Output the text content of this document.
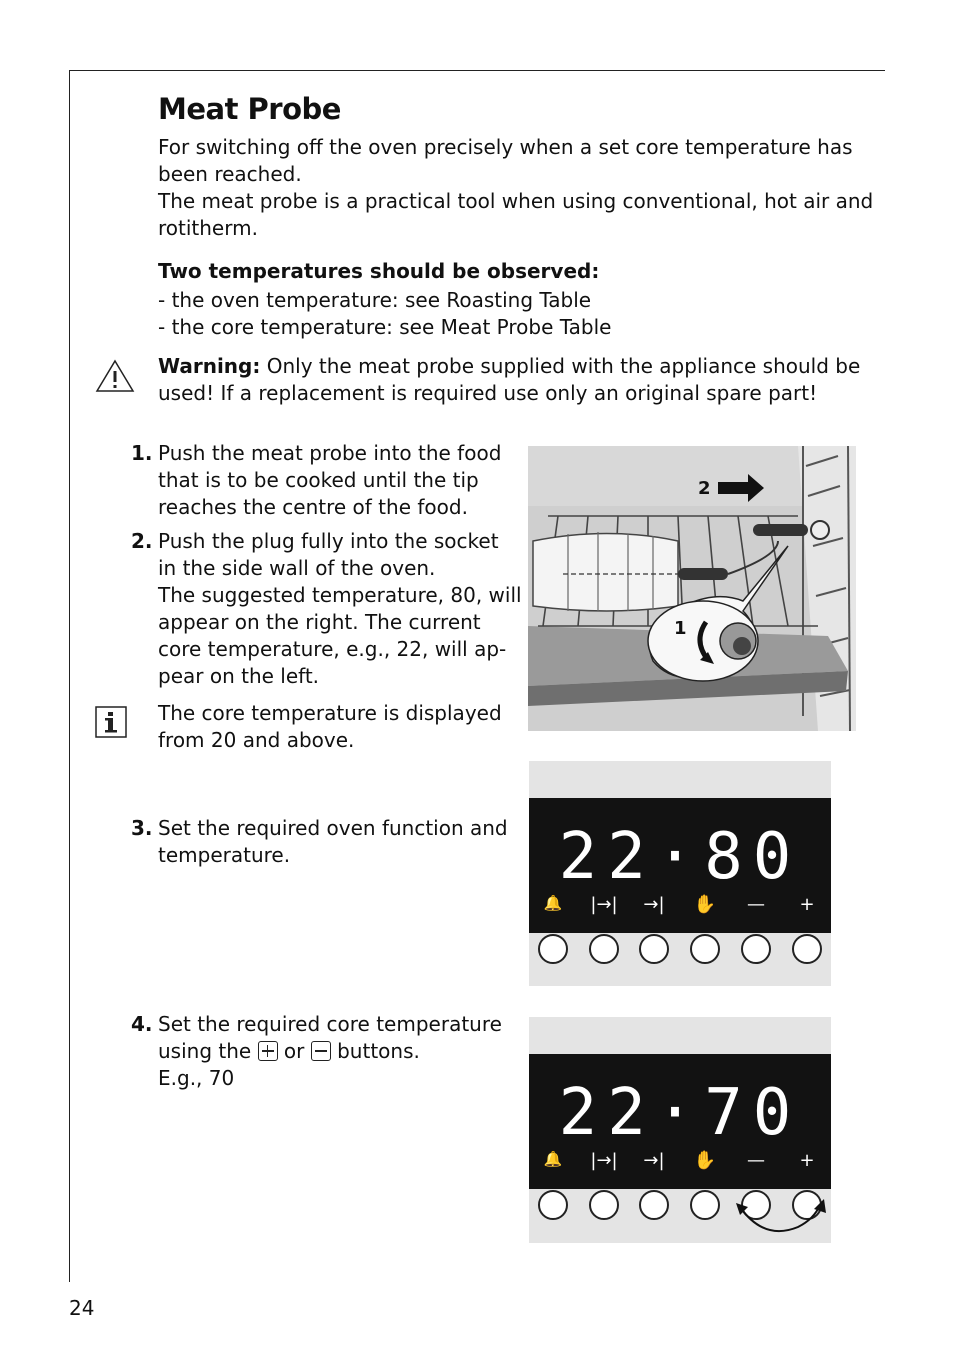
Meat Probe
For switching off the oven precisely when a set core temperature has
been reached.
The meat probe is a practical tool when using conventional, hot air and
rotitherm.
Two temperatures should be observed:
- the oven temperature: see Roasting Table
- the core temperature: see Meat Probe Table
Warning: Only the meat probe supplied with the appliance should be
used! If a replacement is required use only an original spare part!
1. Push the meat probe into the food
that is to be cooked until the tip
reaches the centre of the food.
2. Push the plug fully into the socket
in the side wall of the oven.
The suggested temperature, 80, will
appear on the right. The current
core temperature, e.g., 22, will ap-
pear on the left.
The core temperature is displayed
from 20 and above.
3. Set the required oven function and
temperature.
4. Set the required core temperature
using the
or
buttons.
E.g., 70
2
1
22·80
🔔	|→|	→|	✋	—	+
22·70
🔔	|→|	→|	✋	—	+
24
